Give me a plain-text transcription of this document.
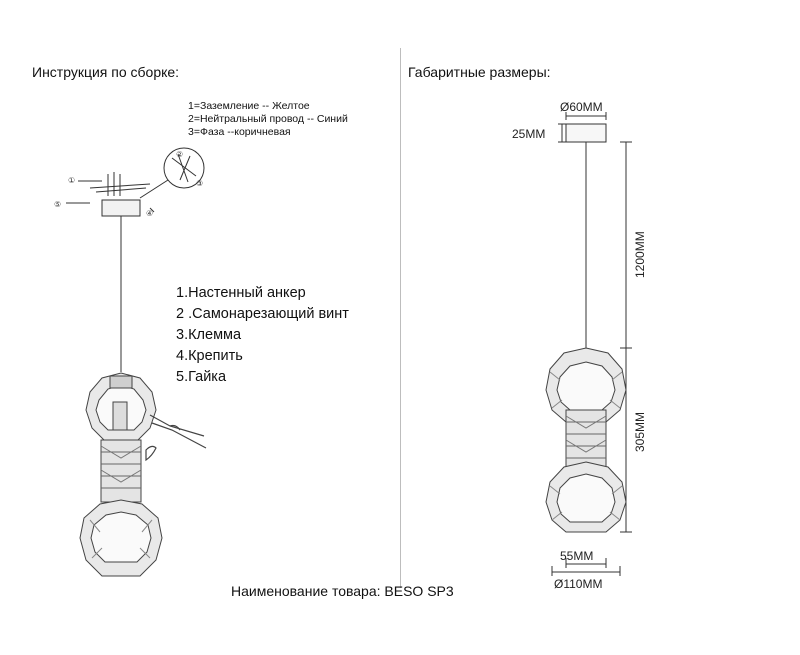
Инструкция по сборке:
1=Заземление -- Желтое
2=Нейтральный провод -- Синий
3=Фаза --коричневая
1.Настенный анкер
2 .Самонарезающий винт
3.Клемма
4.Крепить
5.Гайка
Габаритные размеры:
①
⑤
②
③
④
Ø60MM
25MM
1200MM
305MM
55MM
Ø110MM
Наименование товара: BESO SP3
